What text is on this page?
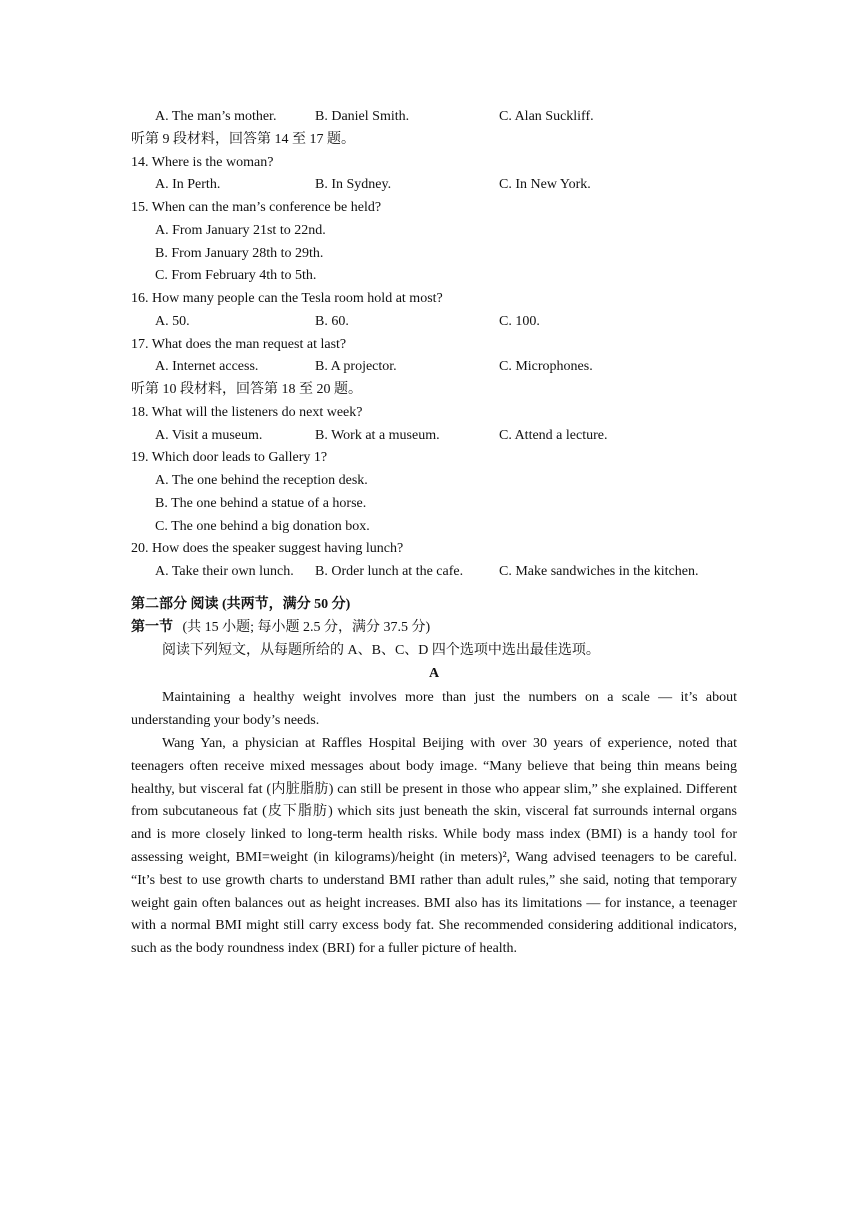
A. The man’s mother.	B. Daniel Smith.	C. Alan Suckliff.
听第 9 段材料，回答第 14 至 17 题。
14. Where is the woman?
A. In Perth.	B. In Sydney.	C. In New York.
15. When can the man’s conference be held?
A. From January 21st to 22nd.
B. From January 28th to 29th.
C. From February 4th to 5th.
16. How many people can the Tesla room hold at most?
A. 50.	B. 60.	C. 100.
17. What does the man request at last?
A. Internet access.	B. A projector.	C. Microphones.
听第 10 段材料，回答第 18 至 20 题。
18. What will the listeners do next week?
A. Visit a museum.	B. Work at a museum.	C. Attend a lecture.
19. Which door leads to Gallery 1?
A. The one behind the reception desk.
B. The one behind a statue of a horse.
C. The one behind a big donation box.
20. How does the speaker suggest having lunch?
A. Take their own lunch. B. Order lunch at the cafe.	C. Make sandwiches in the kitchen.
第二部分 阅读 (共两节，满分 50 分)
第一节 (共 15 小题; 每小题 2.5 分，满分 37.5 分)
阅读下列短文，从每题所给的 A、B、C、D 四个选项中选出最佳选项。
A

Maintaining a healthy weight involves more than just the numbers on a scale — it’s about understanding your body’s needs.

Wang Yan, a physician at Raffles Hospital Beijing with over 30 years of experience, noted that teenagers often receive mixed messages about body image. “Many believe that being thin means being healthy, but visceral fat (内脏脂肪) can still be present in those who appear slim,” she explained. Different from subcutaneous fat (皮下脂肪) which sits just beneath the skin, visceral fat surrounds internal organs and is more closely linked to long-term health risks. While body mass index (BMI) is a handy tool for assessing weight, BMI=weight (in kilograms)/height (in meters)², Wang advised teenagers to be careful. “It’s best to use growth charts to understand BMI rather than adult rules,” she said, noting that temporary weight gain often balances out as height increases. BMI also has its limitations — for instance, a teenager with a normal BMI might still carry excess body fat. She recommended considering additional indicators, such as the body roundness index (BRI) for a fuller picture of health.
